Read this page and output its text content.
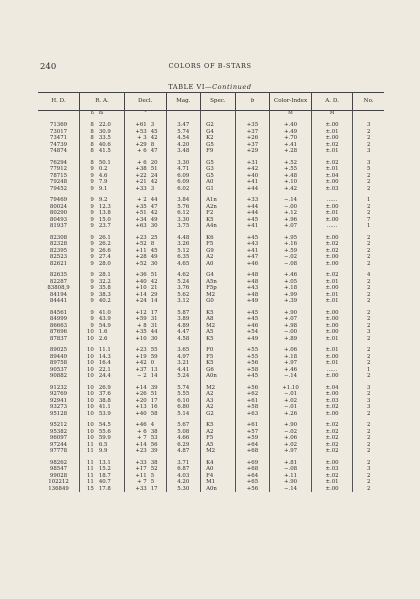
240	COLORS OF B-STARS
TABLE VI—Continued
H. D.	R. A.		Decl.		Mag.	Spec.	b	Color-Index	A. D.	No.
	h	m	°	′				M	M	

71369	8	22.0	+61	3	3.47	G2	+35	+.40	±.00	3
73017	8	30.9	+53	45	5.74	G4	+37	+.49	±.01	2
73471	8	33.5	+ 3	42	4.54	K2	+26	+.70	±.00	2
74739	8	40.6	+29	8	4.20	G5	+37	+.41	±.02	2
74874	8	41.5	+ 6	47	3.48	F9	+29	+.28	±.01	3

76294	8	50.1	+ 6	20	3.30	G5	+31	+.52	±.02	3
77912	9	0.2	+38	51	4.71	G3	+42	+.55	±.01	5
78715	9	4.6	+22	24	6.09	G5	+40	+.48	±.04	2
79248	9	7.9	+21	42	6.09	A0	+41	+.10	±.00	2
79452	9	9.1	+33	3	6.02	G1	+44	+.42	±.03	2

79469	9	9.2	+ 2	44	3.84	A1n	+33	−.14	......	1
80024	9	12.3	+35	47	5.76	A2n	+44	−.00	±.00	2
80290	9	13.8	+51	42	6.12	F2	+44	+.12	±.01	2
80493	9	15.0	+34	49	3.30	K5	+45	+.96	±.00	7
81937	9	23.7	+63	30	3.75	A4n	+41	+.07	......	1

82308	9	26.1	+23	25	4.48	K6	+45	+.95	±.00	2
82328	9	26.2	+52	8	3.26	F5	+43	+.16	±.02	2
82395	9	26.6	+11	45	5.12	G9	+41	+.59	±.02	2
82523	9	27.4	+28	49	6.35	A2	+47	−.02	±.00	2
82621	9	28.0	+52	30	4.65	A0	+46	−.08	±.00	2

82635	9	28.1	+36	51	4.62	G4	+48	+.46	±.02	4
82287	9	32.2	+40	42	5.24	A5n	+48	+.05	±.01	2
83808,9	9	35.8	+10	21	3.76	F5p	+43	+.18	±.00	2
84194	9	38.3	+14	29	5.62	M2	+48	+.99	±.01	2
84441	9	40.2	+24	14	3.12	G0	+49	+.39	±.01	2

84561	9	41.0	+12	17	5.87	K5	+45	+.90	±.00	2
84999	9	43.9	+59	31	3.89	A8	+45	+.07	±.00	2
86663	9	54.9	+ 8	31	4.89	M2	+46	+.98	±.00	2
87696	10	1.6	+35	44	4.47	A5	+54	−.00	±.00	3
87837	10	2.6	+10	30	4.58	K5	+49	+.89	±.01	2

89025	10	11.1	+23	55	3.65	F0	+55	+.06	±.01	2
89449	10	14.3	+19	59	4.97	F5	+55	+.18	±.00	2
89758	10	16.4	+42	0	3.21	K5	+56	+.97	±.01	2
90537	10	22.1	+37	13	4.41	G6	+58	+.46	......	1
90882	10	24.4	− 2	14	5.24	A0n	+45	−.14	±.00	2

91232	10	26.9	+14	39	5.74	M2	+56	+1.10	±.04	3
92769	10	37.6	+26	51	5.55	A2	+62	−.01	±.00	2
92941	10	38.8	+20	17	6.10	A3	+61	+.02	±.03	3
93273	10	41.1	+13	16	6.80	A2	+58	−.01	±.02	3
95128	10	53.9	+40	58	5.14	G2	+63	+.26	±.00	2

95212	10	54.5	+46	4	5.67	K5	+61	+.90	±.02	2
95382	10	55.6	+ 6	38	5.08	A2	+57	−.02	±.02	2
96097	10	59.9	+ 7	53	4.66	F5	+59	+.06	±.02	2
97244	11	6.5	+14	56	6.29	A5	+64	+.02	±.02	2
97778	11	9.9	+23	39	4.87	M2	+68	+.97	±.02	2

98262	11	13.1	+33	38	3.71	K4	+69	+.81	±.00	2
98547	11	15.2	+17	52	6.87	A0	+68	−.08	±.03	3
99028	11	18.7	+11	5	4.03	F4	+64	+.11	±.02	2
102212	11	40.7	+ 7	5	4.20	M1	+65	+.90	±.01	2
136849	15	17.8	+33	17	5.30	A0n	+56	−.14	±.00	2
